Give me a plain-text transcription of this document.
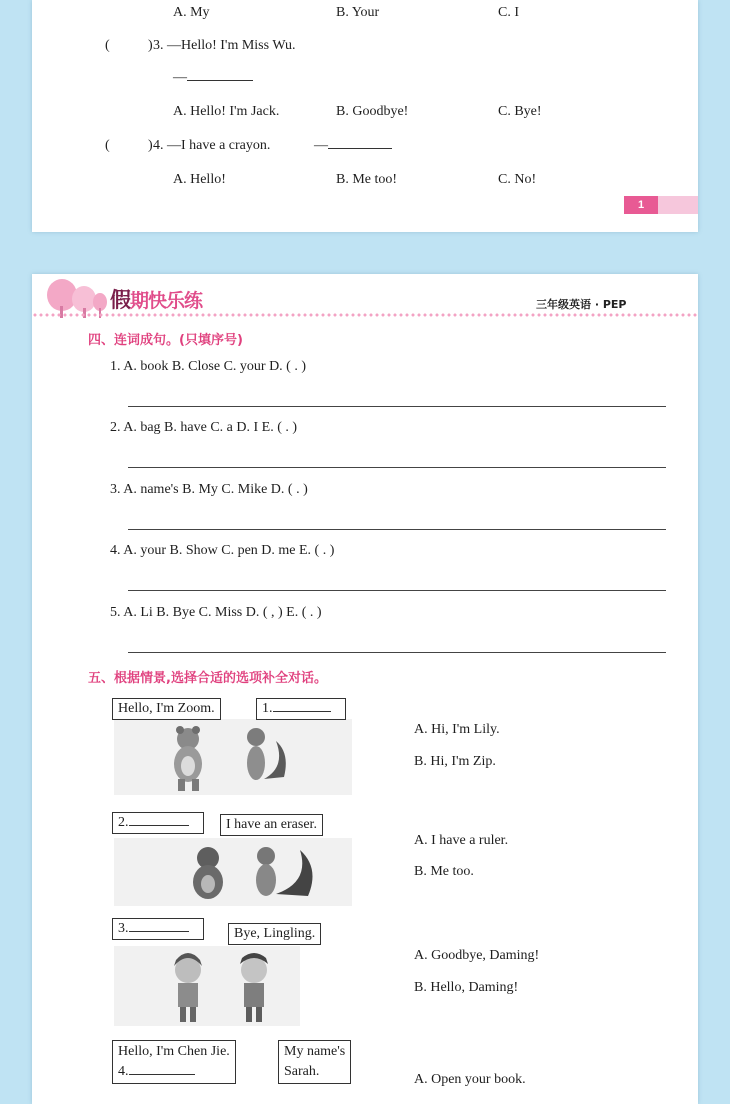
A. My	B. Your	C. I
(	) 3. —Hello! I'm Miss Wu.
—
A. Hello! I'm Jack.	B. Goodbye!	C. Bye!
(	) 4. —I have a crayon.	—
A. Hello!	B. Me too!	C. No!
1
假期快乐练	三年级英语 · PEP
四、连词成句。(只填序号)
1. A. book B. Close C. your D. ( . )
2. A. bag B. have C. a D. I E. ( . )
3. A. name's B. My C. Mike D. ( . )
4. A. your B. Show C. pen D. me E. ( . )
5. A. Li B. Bye C. Miss D. ( , ) E. ( . )
五、根据情景,选择合适的选项补全对话。
Hello, I'm Zoom.	1.
A. Hi, I'm Lily.
B. Hi, I'm Zip.
2.	I have an eraser.
A. I have a ruler.
B. Me too.
3.	Bye, Lingling.
A. Goodbye, Daming!
B. Hello, Daming!
Hello, I'm Chen Jie.
4.
My name's
Sarah.
A. Open your book.
